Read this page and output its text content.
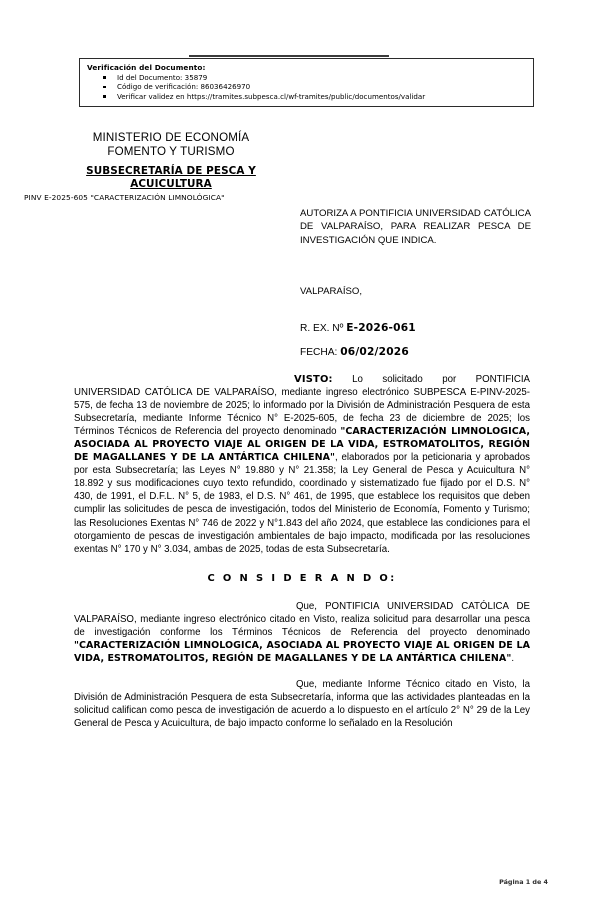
Verificación del Documento:
Id del Documento: 35879
Código de verificación: 86036426970
Verificar validez en https://tramites.subpesca.cl/wf-tramites/public/documentos/validar
MINISTERIO DE ECONOMÍA
FOMENTO Y TURISMO
SUBSECRETARÍA DE PESCA Y ACUICULTURA
PINV E-2025-605 "CARACTERIZACIÓN LIMNOLÓGICA"
AUTORIZA A PONTIFICIA UNIVERSIDAD CATÓLICA DE VALPARAÍSO, PARA REALIZAR PESCA DE INVESTIGACIÓN QUE INDICA.
VALPARAÍSO,
R. EX. Nº E-2026-061
FECHA: 06/02/2026

VISTO: Lo solicitado por PONTIFICIA UNIVERSIDAD CATÓLICA DE VALPARAÍSO, mediante ingreso electrónico SUBPESCA E-PINV-2025-575, de fecha 13 de noviembre de 2025; lo informado por la División de Administración Pesquera de esta Subsecretaría, mediante Informe Técnico N° E-2025-605, de fecha 23 de diciembre de 2025; los Términos Técnicos de Referencia del proyecto denominado "CARACTERIZACIÓN LIMNOLOGICA, ASOCIADA AL PROYECTO VIAJE AL ORIGEN DE LA VIDA, ESTROMATOLITOS, REGIÓN DE MAGALLANES Y DE LA ANTÁRTICA CHILENA", elaborados por la peticionaria y aprobados por esta Subsecretaría; las Leyes N° 19.880 y N° 21.358; la Ley General de Pesca y Acuicultura N° 18.892 y sus modificaciones cuyo texto refundido, coordinado y sistematizado fue fijado por el D.S. N° 430, de 1991, el D.F.L. N° 5, de 1983, el D.S. N° 461, de 1995, que establece los requisitos que deben cumplir las solicitudes de pesca de investigación, todos del Ministerio de Economía, Fomento y Turismo; las Resoluciones Exentas N° 746 de 2022 y N°1.843 del año 2024, que establece las condiciones para el otorgamiento de pescas de investigación ambientales de bajo impacto, modificada por las resoluciones exentas N° 170 y N° 3.034, ambas de 2025, todas de esta Subsecretaría.

C O N S I D E R A N D O:

Que, PONTIFICIA UNIVERSIDAD CATÓLICA DE VALPARAÍSO, mediante ingreso electrónico citado en Visto, realiza solicitud para desarrollar una pesca de investigación conforme los Términos Técnicos de Referencia del proyecto denominado "CARACTERIZACIÓN LIMNOLOGICA, ASOCIADA AL PROYECTO VIAJE AL ORIGEN DE LA VIDA, ESTROMATOLITOS, REGIÓN DE MAGALLANES Y DE LA ANTÁRTICA CHILENA".

Que, mediante Informe Técnico citado en Visto, la División de Administración Pesquera de esta Subsecretaría, informa que las actividades planteadas en la solicitud califican como pesca de investigación de acuerdo a lo dispuesto en el artículo 2° N° 29 de la Ley General de Pesca y Acuicultura, de bajo impacto conforme lo señalado en la Resolución

Página 1 de 4
